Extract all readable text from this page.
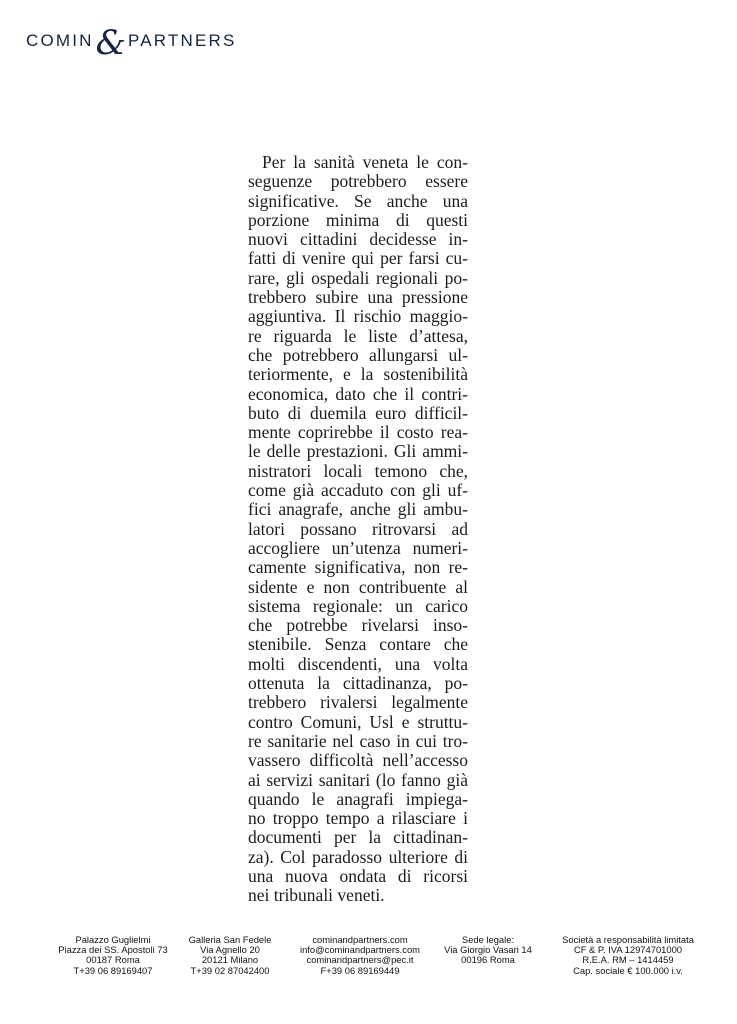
COMIN & PARTNERS
Per la sanità veneta le con-
seguenze potrebbero essere
significative. Se anche una
porzione minima di questi
nuovi cittadini decidesse in-
fatti di venire qui per farsi cu-
rare, gli ospedali regionali po-
trebbero subire una pressione
aggiuntiva. Il rischio maggio-
re riguarda le liste d’attesa,
che potrebbero allungarsi ul-
teriormente, e la sostenibilità
economica, dato che il contri-
buto di duemila euro difficil-
mente coprirebbe il costo rea-
le delle prestazioni. Gli ammi-
nistratori locali temono che,
come già accaduto con gli uf-
fici anagrafe, anche gli ambu-
latori possano ritrovarsi ad
accogliere un’utenza numeri-
camente significativa, non re-
sidente e non contribuente al
sistema regionale: un carico
che potrebbe rivelarsi inso-
stenibile. Senza contare che
molti discendenti, una volta
ottenuta la cittadinanza, po-
trebbero rivalersi legalmente
contro Comuni, Usl e struttu-
re sanitarie nel caso in cui tro-
vassero difficoltà nell’accesso
ai servizi sanitari (lo fanno già
quando le anagrafi impiega-
no troppo tempo a rilasciare i
documenti per la cittadinan-
za). Col paradosso ulteriore di
una nuova ondata di ricorsi
nei tribunali veneti.
Palazzo Guglielmi
Piazza dei SS. Apostoli 73
00187 Roma
T+39 06 89169407
Galleria San Fedele
Via Agnello 20
20121 Milano
T+39 02 87042400
cominandpartners.com
info@cominandpartners.com
cominandpartners@pec.it
F+39 06 89169449
Sede legale:
Via Giorgio Vasari 14
00196 Roma
Società a responsabilità limitata
CF & P. IVA 12974701000
R.E.A. RM – 1414459
Cap. sociale € 100.000 i.v.
